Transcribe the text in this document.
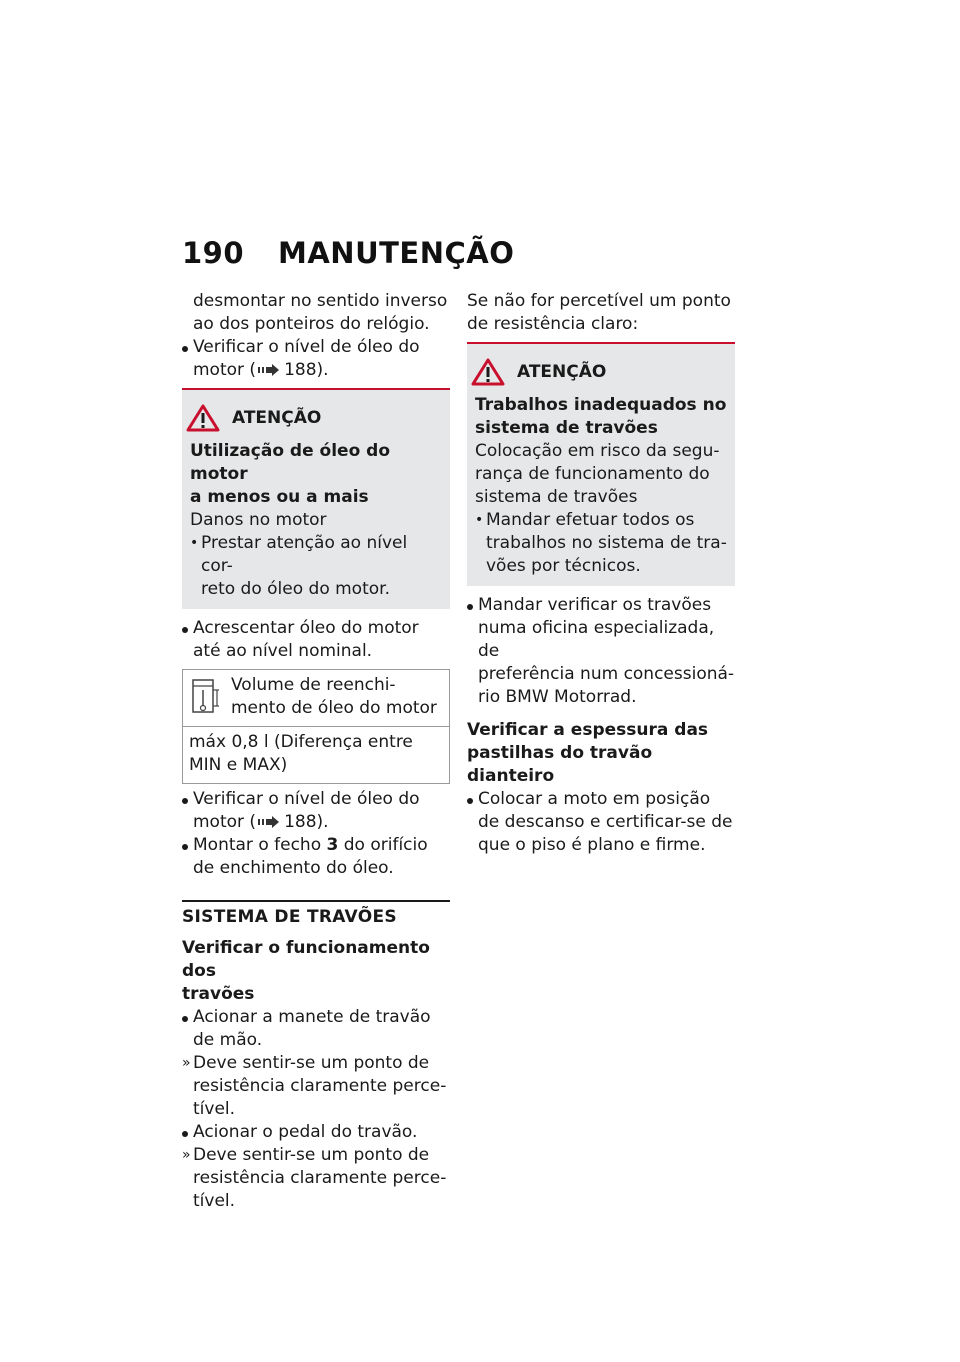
190 MANUTENÇÃO

desmontar no sentido inverso
ao dos ponteiros do relógio.

Verificar o nível de óleo do
motor ( 188).
ATENÇÃO

Utilização de óleo do motor
a menos ou a mais

Danos no motor

• Prestar atenção ao nível cor-
reto do óleo do motor.
Acrescentar óleo do motor
até ao nível nominal.
Volume de reenchi-
mento de óleo do motor
máx 0,8 l (Diferença entre
MIN e MAX)
Verificar o nível de óleo do
motor ( 188).
Montar o fecho 3 do orifício
de enchimento do óleo.
SISTEMA DE TRAVÕES

Verificar o funcionamento dos
travões

Acionar a manete de travão
de mão.
» Deve sentir-se um ponto de
resistência claramente perce-
tível.
Acionar o pedal do travão.
» Deve sentir-se um ponto de
resistência claramente perce-
tível.

Se não for percetível um ponto
de resistência claro:

ATENÇÃO

Trabalhos inadequados no
sistema de travões

Colocação em risco da segu-
rança de funcionamento do
sistema de travões

• Mandar efetuar todos os
trabalhos no sistema de tra-
vões por técnicos.
Mandar verificar os travões
numa oficina especializada, de
preferência num concessioná-
rio BMW Motorrad.

Verificar a espessura das
pastilhas do travão dianteiro

Colocar a moto em posição
de descanso e certificar-se de
que o piso é plano e firme.
